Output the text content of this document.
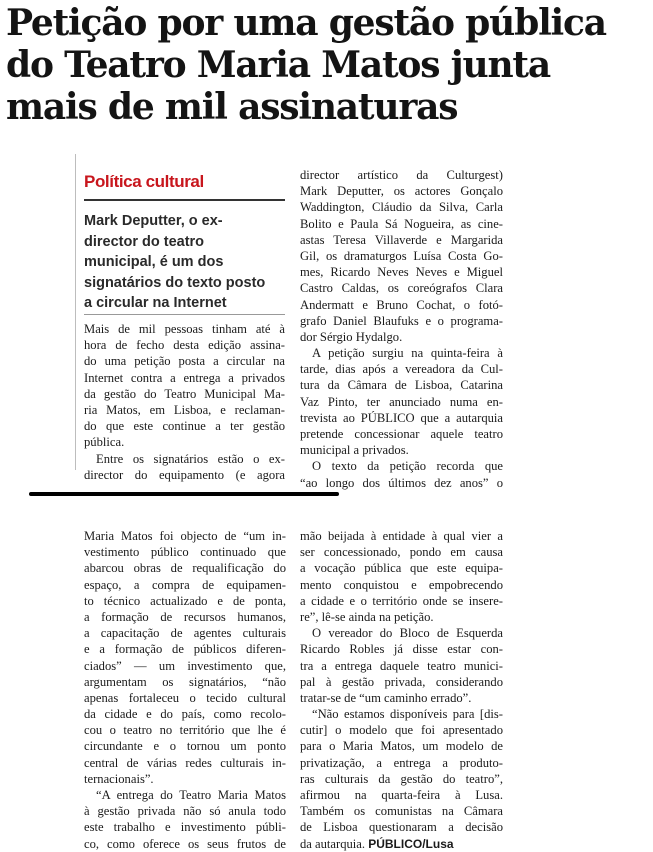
Petição por uma gestão pública
do Teatro Maria Matos junta
mais de mil assinaturas
Política cultural
Mark Deputter, o ex-
director do teatro
municipal, é um dos
signatários do texto posto
a circular na Internet
Mais de mil pessoas tinham até à
hora de fecho desta edição assina-
do uma petição posta a circular na
Internet contra a entrega a privados
da gestão do Teatro Municipal Ma-
ria Matos, em Lisboa, e reclaman-
do que este continue a ter gestão
pública.
Entre os signatários estão o ex-
director do equipamento (e agora
director artístico da Culturgest)
Mark Deputter, os actores Gonçalo
Waddington, Cláudio da Silva, Carla
Bolito e Paula Sá Nogueira, as cine-
astas Teresa Villaverde e Margarida
Gil, os dramaturgos Luísa Costa Go-
mes, Ricardo Neves Neves e Miguel
Castro Caldas, os coreógrafos Clara
Andermatt e Bruno Cochat, o fotó-
grafo Daniel Blaufuks e o programa-
dor Sérgio Hydalgo.
A petição surgiu na quinta-feira à
tarde, dias após a vereadora da Cul-
tura da Câmara de Lisboa, Catarina
Vaz Pinto, ter anunciado numa en-
trevista ao PÚBLICO que a autarquia
pretende concessionar aquele teatro
municipal a privados.
O texto da petição recorda que
“ao longo dos últimos dez anos” o
Maria Matos foi objecto de “um in-
vestimento público continuado que
abarcou obras de requalificação do
espaço, a compra de equipamen-
to técnico actualizado e de ponta,
a formação de recursos humanos,
a capacitação de agentes culturais
e a formação de públicos diferen-
ciados” — um investimento que,
argumentam os signatários, “não
apenas fortaleceu o tecido cultural
da cidade e do país, como recolo-
cou o teatro no território que lhe é
circundante e o tornou um ponto
central de várias redes culturais in-
ternacionais”.
“A entrega do Teatro Maria Matos
à gestão privada não só anula todo
este trabalho e investimento públi-
co, como oferece os seus frutos de
mão beijada à entidade à qual vier a
ser concessionado, pondo em causa
a vocação pública que este equipa-
mento conquistou e empobrecendo
a cidade e o território onde se insere-
re”, lê-se ainda na petição.
O vereador do Bloco de Esquerda
Ricardo Robles já disse estar con-
tra a entrega daquele teatro munici-
pal à gestão privada, considerando
tratar-se de “um caminho errado”.
“Não estamos disponíveis para [dis-
cutir] o modelo que foi apresentado
para o Maria Matos, um modelo de
privatização, a entrega a produto-
ras culturais da gestão do teatro”,
afirmou na quarta-feira à Lusa.
Também os comunistas na Câmara
de Lisboa questionaram a decisão
da autarquia. PÚBLICO/Lusa
